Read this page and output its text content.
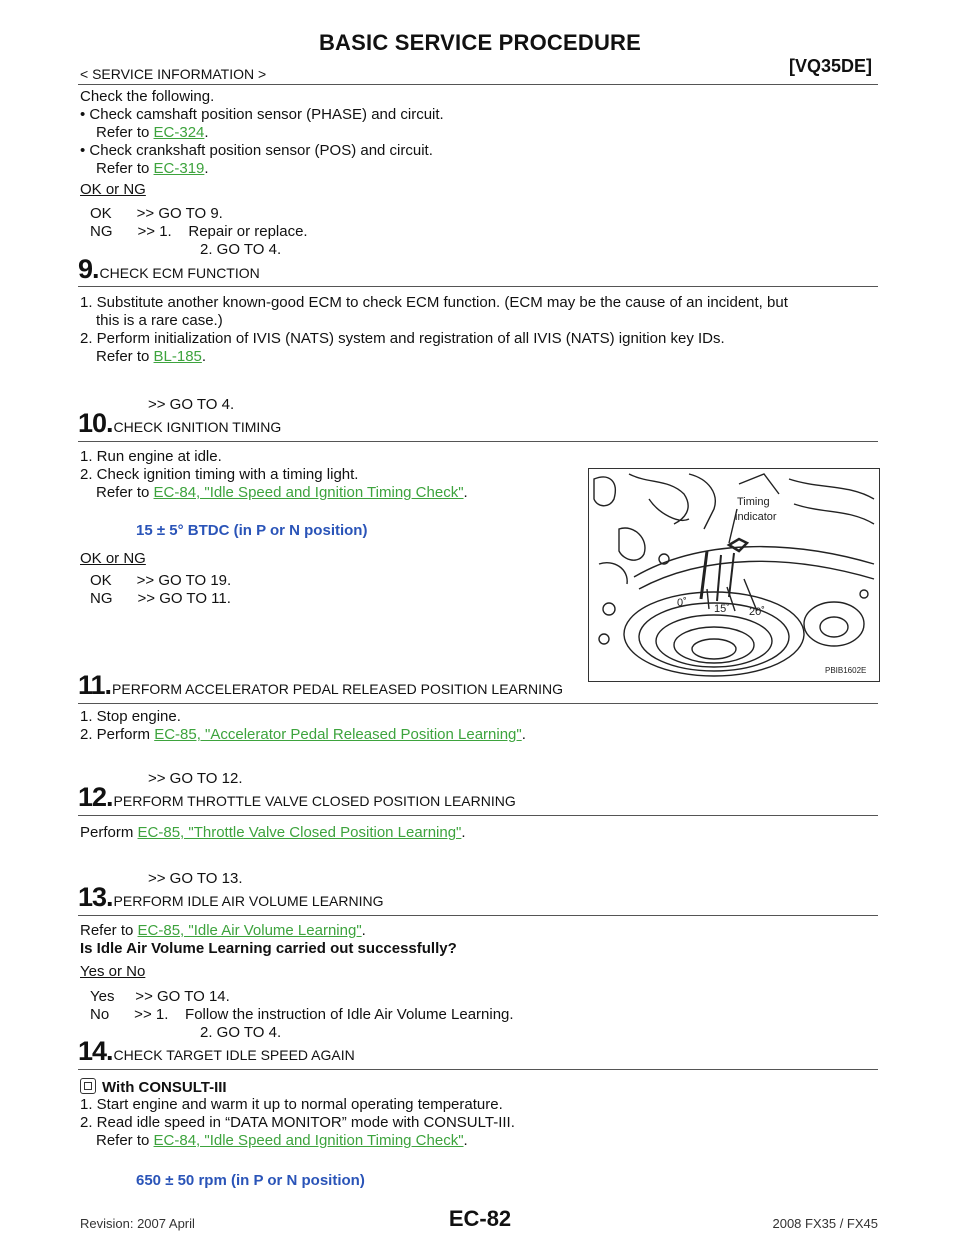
BASIC SERVICE PROCEDURE
< SERVICE INFORMATION >	[VQ35DE]
Check the following.
• Check camshaft position sensor (PHASE) and circuit.
Refer to EC-324.
• Check crankshaft position sensor (POS) and circuit.
Refer to EC-319.
OK or NG
OK      >> GO TO 9.
NG      >> 1.    Repair or replace.
2. GO TO 4.
9.CHECK ECM FUNCTION
1. Substitute another known-good ECM to check ECM function. (ECM may be the cause of an incident, but
this is a rare case.)
2. Perform initialization of IVIS (NATS) system and registration of all IVIS (NATS) ignition key IDs.
Refer to BL-185.
>> GO TO 4.
10.CHECK IGNITION TIMING
1. Run engine at idle.
2. Check ignition timing with a timing light.
Refer to EC-84, "Idle Speed and Ignition Timing Check".
15 ± 5° BTDC (in P or N position)
OK or NG
OK      >> GO TO 19.
NG      >> GO TO 11.
Timing
indicator
0˚ 15˚ 20˚
PBIB1602E
11.PERFORM ACCELERATOR PEDAL RELEASED POSITION LEARNING
1. Stop engine.
2. Perform EC-85, "Accelerator Pedal Released Position Learning".
>> GO TO 12.
12.PERFORM THROTTLE VALVE CLOSED POSITION LEARNING
Perform EC-85, "Throttle Valve Closed Position Learning".
>> GO TO 13.
13.PERFORM IDLE AIR VOLUME LEARNING
Refer to EC-85, "Idle Air Volume Learning".
Is Idle Air Volume Learning carried out successfully?
Yes or No
Yes     >> GO TO 14.
No      >> 1.    Follow the instruction of Idle Air Volume Learning.
2. GO TO 4.
14.CHECK TARGET IDLE SPEED AGAIN
With CONSULT-III
1. Start engine and warm it up to normal operating temperature.
2. Read idle speed in “DATA MONITOR” mode with CONSULT-III.
Refer to EC-84, "Idle Speed and Ignition Timing Check".
650 ± 50 rpm (in P or N position)
Revision: 2007 April	EC-82	2008 FX35 / FX45
